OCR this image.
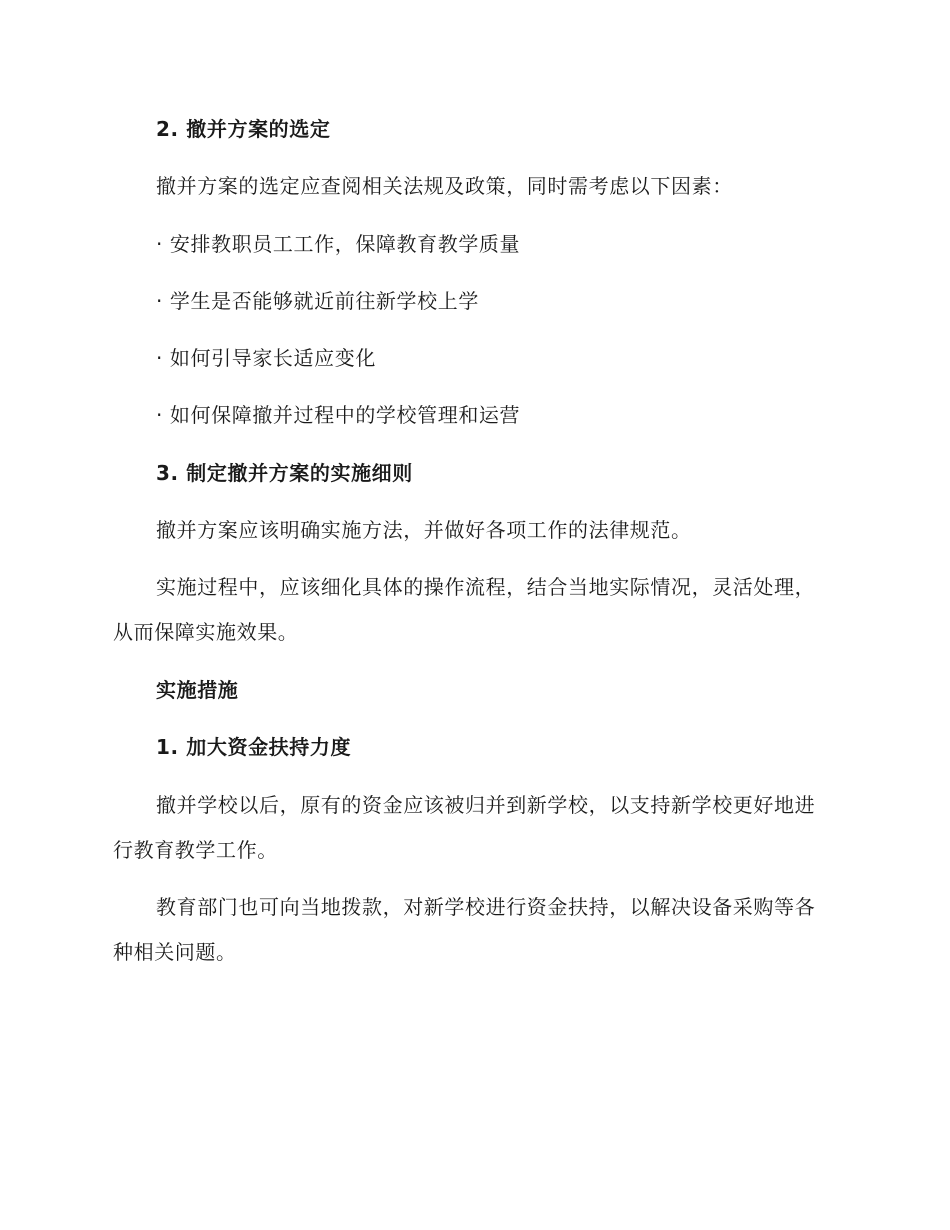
2. 撤并方案的选定

撤并方案的选定应查阅相关法规及政策，同时需考虑以下因素：

· 安排教职员工工作，保障教育教学质量

· 学生是否能够就近前往新学校上学

· 如何引导家长适应变化

· 如何保障撤并过程中的学校管理和运营

3. 制定撤并方案的实施细则

撤并方案应该明确实施方法，并做好各项工作的法律规范。

实施过程中，应该细化具体的操作流程，结合当地实际情况，灵活处理，从而保障实施效果。

实施措施

1. 加大资金扶持力度

撤并学校以后，原有的资金应该被归并到新学校，以支持新学校更好地进行教育教学工作。

教育部门也可向当地拨款，对新学校进行资金扶持，以解决设备采购等各种相关问题。
